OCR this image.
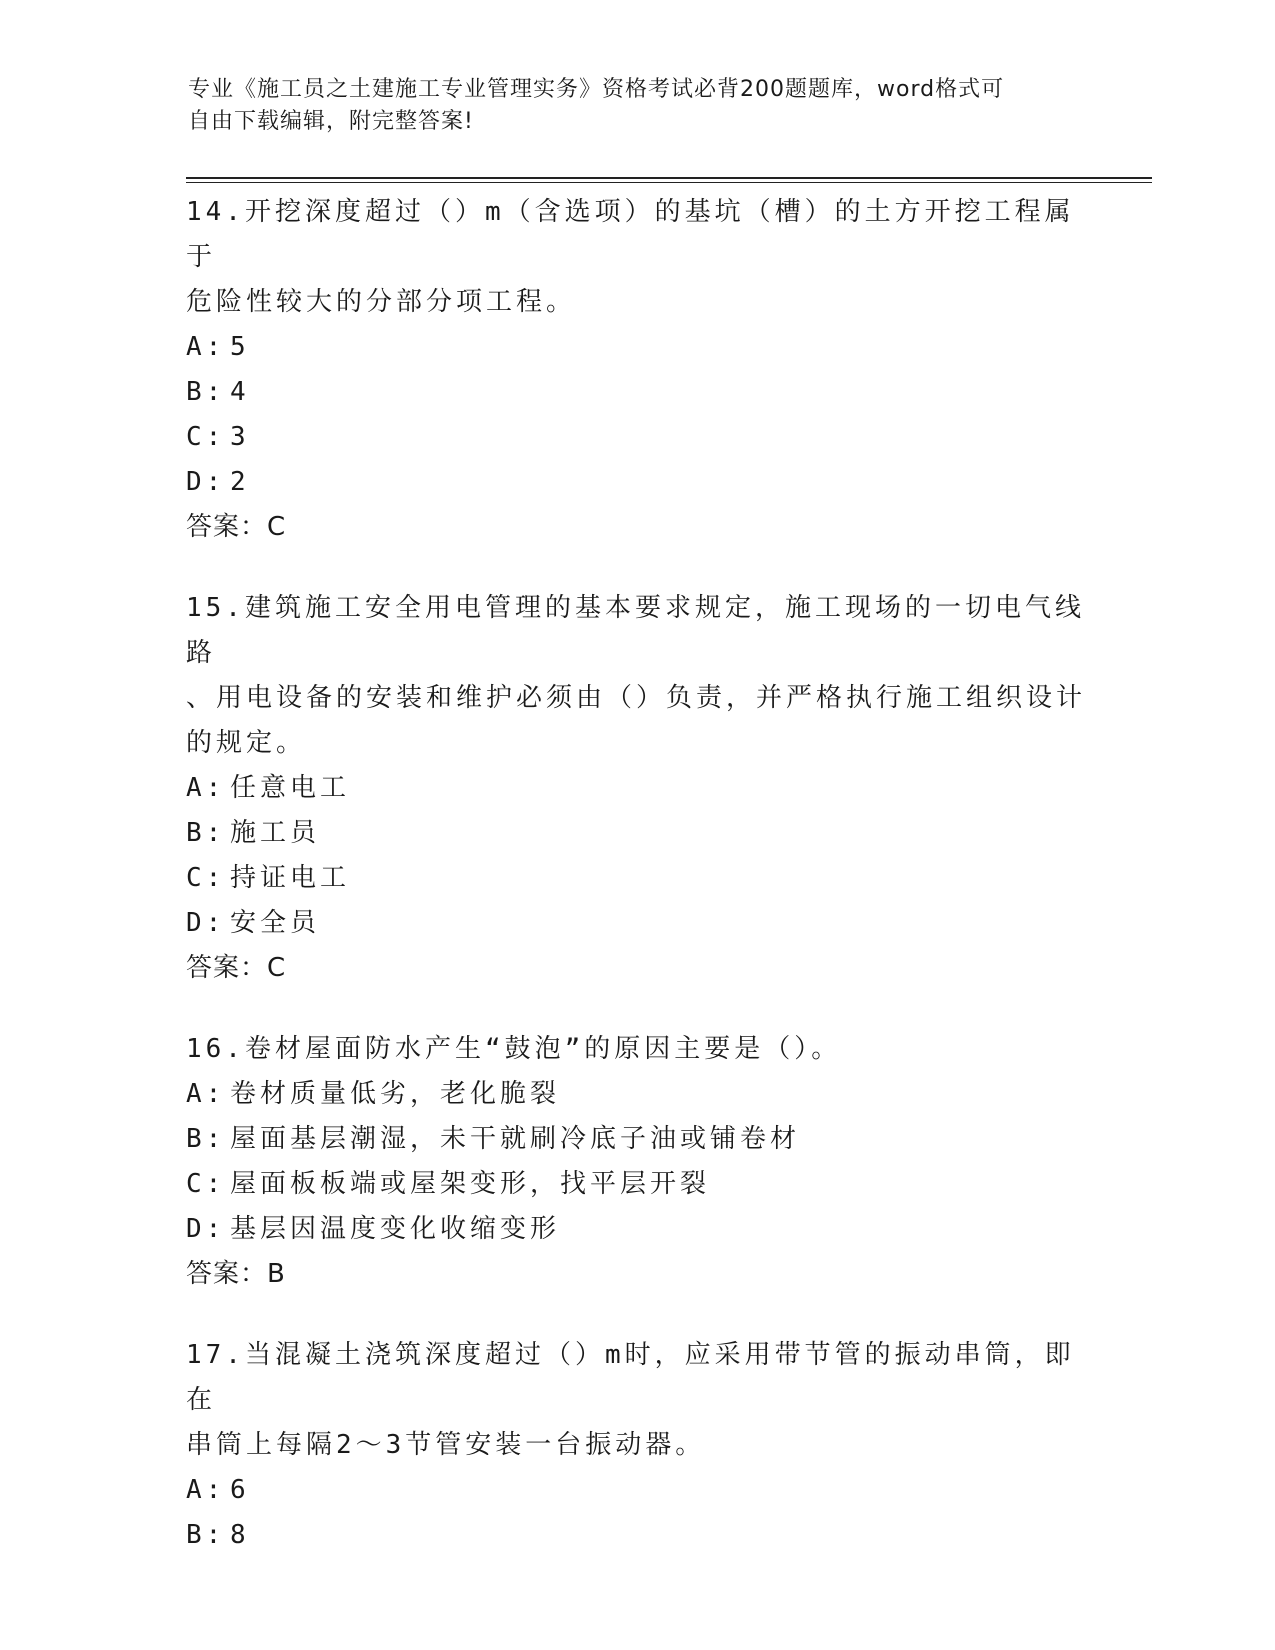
专业《施工员之土建施工专业管理实务》资格考试必背200题题库，word格式可
自由下载编辑，附完整答案!

14.开挖深度超过（）m（含选项）的基坑（槽）的土方开挖工程属于

危险性较大的分部分项工程。

A: 5
B: 4
C: 3
D: 2

答案：C

15.建筑施工安全用电管理的基本要求规定，施工现场的一切电气线路

、用电设备的安装和维护必须由（）负责，并严格执行施工组织设计

的规定。

A: 任意电工
B: 施工员
C: 持证电工
D: 安全员

答案：C

16.卷材屋面防水产生“鼓泡”的原因主要是（）。

A: 卷材质量低劣，老化脆裂
B: 屋面基层潮湿，未干就刷冷底子油或铺卷材
C: 屋面板板端或屋架变形，找平层开裂
D: 基层因温度变化收缩变形

答案：B

17.当混凝土浇筑深度超过（）m时，应采用带节管的振动串筒，即在

串筒上每隔2～3节管安装一台振动器。

A: 6
B: 8
